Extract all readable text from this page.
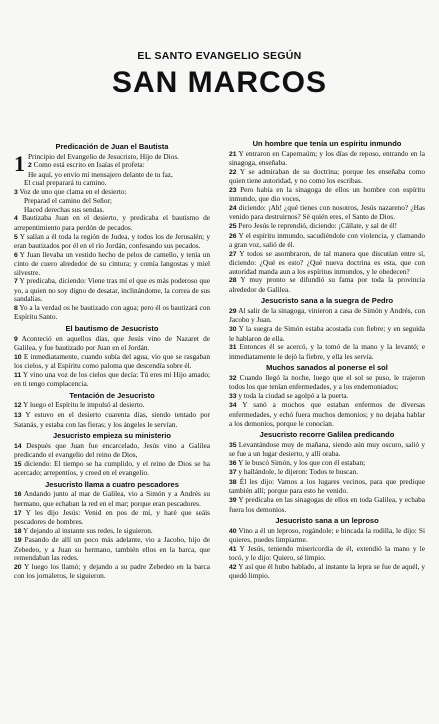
EL SANTO EVANGELIO SEGÚN
SAN MARCOS
Predicación de Juan el Bautista

1 Principio del Evangelio de Jesucristo, Hijo de Dios.

2 Como está escrito en Isaías el profeta:

He aquí, yo envío mi mensajero delante de tu faz,

El cual preparará tu camino.

3 Voz de uno que clama en el desierto:

Preparad el camino del Señor;

Haced derechas sus sendas.

4 Bautizaba Juan en el desierto, y predicaba el bautismo de arrepentimiento para perdón de pecados.

5 Y salían a él toda la región de Judea, y todos los de Jerusalén; y eran bautizados por él en el río Jordán, confesando sus pecados.

6 Y Juan llevaba un vestido hecho de pelos de camello, y tenía un cinto de cuero alrededor de su cintura; y comía langostas y miel silvestre.

7 Y predicaba, diciendo: Viene tras mí el que es más poderoso que yo, a quien no soy digno de desatar, inclinándome, la correa de sus sandalias.

8 Yo a la verdad os he bautizado con agua; pero él os bautizará con Espíritu Santo.

El bautismo de Jesucristo

9 Aconteció en aquellos días, que Jesús vino de Nazaret de Galilea, y fue bautizado por Juan en el Jordán.

10 E inmediatamente, cuando subía del agua, vio que se rasgaban los cielos, y al Espíritu como paloma que descendía sobre él.

11 Y vino una voz de los cielos que decía: Tú eres mi Hijo amado; en ti tengo complacencia.

Tentación de Jesucristo

12 Y luego el Espíritu le impulsó al desierto.

13 Y estuvo en el desierto cuarenta días, siendo tentado por Satanás, y estaba con las fieras; y los ángeles le servían.

Jesucristo empieza su ministerio

14 Después que Juan fue encarcelado, Jesús vino a Galilea predicando el evangelio del reino de Dios,

15 diciendo: El tiempo se ha cumplido, y el reino de Dios se ha acercado; arrepentíos, y creed en el evangelio.

Jesucristo llama a cuatro pescadores

16 Andando junto al mar de Galilea, vio a Simón y a Andrés su hermano, que echaban la red en el mar; porque eran pescadores.

17 Y les dijo Jesús: Venid en pos de mí, y haré que seáis pescadores de hombres.

18 Y dejando al instante sus redes, le siguieron.

19 Pasando de allí un poco más adelante, vio a Jacobo, hijo de Zebedeo, y a Juan su hermano, también ellos en la barca, que remendaban las redes.

20 Y luego los llamó; y dejando a su padre Zebedeo en la barca con los jornaleros, le siguieron.

Un hombre que tenía un espíritu inmundo

21 Y entraron en Capernaúm; y los días de reposo, entrando en la sinagoga, enseñaba.

22 Y se admiraban de su doctrina; porque les enseñaba como quien tiene autoridad, y no como los escribas.

23 Pero había en la sinagoga de ellos un hombre con espíritu inmundo, que dio voces,

24 diciendo: ¡Ah! ¿qué tienes con nosotros, Jesús nazareno? ¿Has venido para destruirnos? Sé quién eres, el Santo de Dios.

25 Pero Jesús le reprendió, diciendo: ¡Cállate, y sal de él!

26 Y el espíritu inmundo, sacudiéndole con violencia, y clamando a gran voz, salió de él.

27 Y todos se asombraron, de tal manera que discutían entre sí, diciendo: ¿Qué es esto? ¿Qué nueva doctrina es esta, que con autoridad manda aun a los espíritus inmundos, y le obedecen?

28 Y muy pronto se difundió su fama por toda la provincia alrededor de Galilea.

Jesucristo sana a la suegra de Pedro

29 Al salir de la sinagoga, vinieron a casa de Simón y Andrés, con Jacobo y Juan.

30 Y la suegra de Simón estaba acostada con fiebre; y en seguida le hablaron de ella.

31 Entonces él se acercó, y la tomó de la mano y la levantó; e inmediatamente le dejó la fiebre, y ella les servía.

Muchos sanados al ponerse el sol

32 Cuando llegó la noche, luego que el sol se puso, le trajeron todos los que tenían enfermedades, y a los endemoniados;

33 y toda la ciudad se agolpó a la puerta.

34 Y sanó a muchos que estaban enfermos de diversas enfermedades, y echó fuera muchos demonios; y no dejaba hablar a los demonios, porque le conocían.

Jesucristo recorre Galilea predicando

35 Levantándose muy de mañana, siendo aún muy oscuro, salió y se fue a un lugar desierto, y allí oraba.

36 Y le buscó Simón, y los que con él estaban;

37 y hallándole, le dijeron: Todos te buscan.

38 Él les dijo: Vamos a los lugares vecinos, para que predique también allí; porque para esto he venido.

39 Y predicaba en las sinagogas de ellos en toda Galilea, y echaba fuera los demonios.

Jesucristo sana a un leproso

40 Vino a él un leproso, rogándole; e hincada la rodilla, le dijo: Si quieres, puedes limpiarme.

41 Y Jesús, teniendo misericordia de él, extendió la mano y le tocó, y le dijo: Quiero, sé limpio.

42 Y así que él hubo hablado, al instante la lepra se fue de aquél, y quedó limpio.
